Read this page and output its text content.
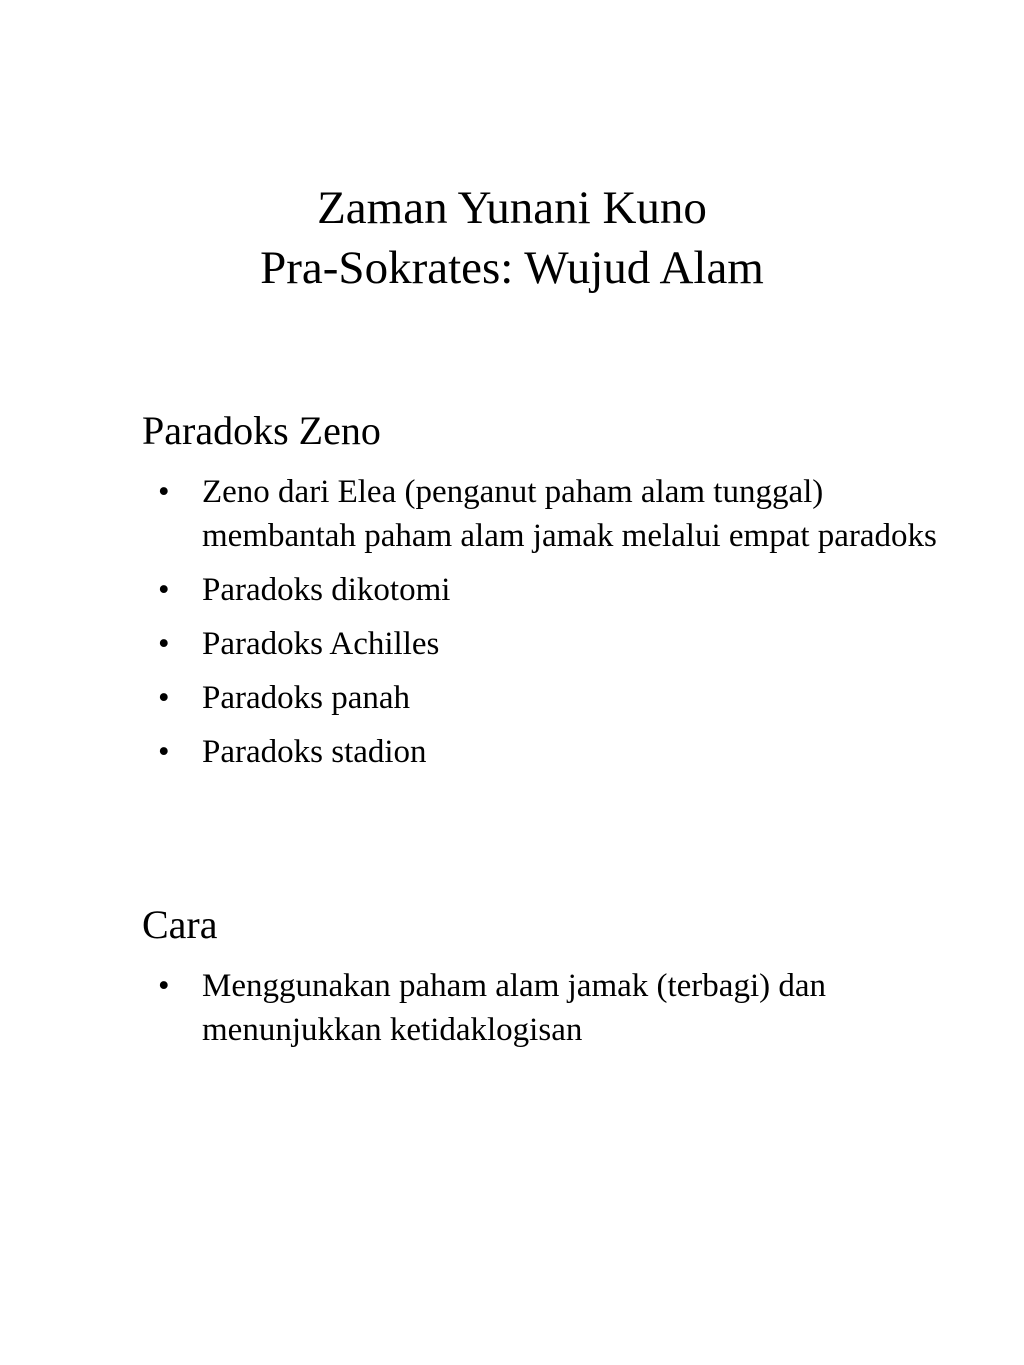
Zaman Yunani Kuno
Pra-Sokrates: Wujud Alam
Paradoks Zeno
• Zeno dari Elea (penganut paham alam tunggal) membantah paham alam jamak melalui empat paradoks
• Paradoks dikotomi
• Paradoks Achilles
• Paradoks panah
• Paradoks stadion
Cara
• Menggunakan paham alam jamak (terbagi) dan menunjukkan ketidaklogisan
